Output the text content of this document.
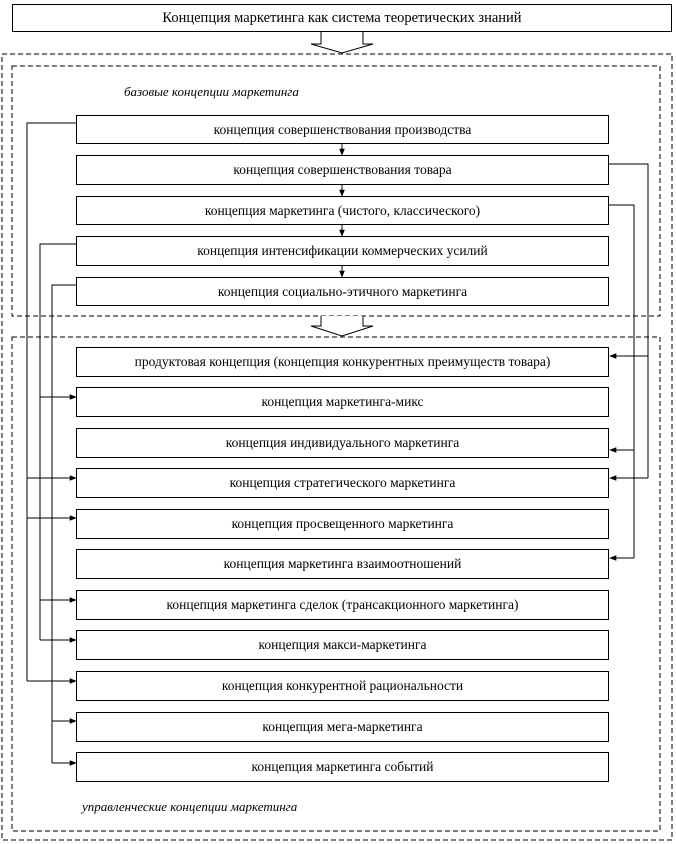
Концепция маркетинга как система теоретических знаний
базовые концепции маркетинга
концепция совершенствования производства
концепция совершенствования товара
концепция маркетинга (чистого, классического)
концепция интенсификации коммерческих усилий
концепция социально-этичного маркетинга
продуктовая концепция (концепция конкурентных преимуществ товара)
концепция маркетинга-микс
концепция индивидуального маркетинга
концепция стратегического маркетинга
концепция просвещенного маркетинга
концепция маркетинга взаимоотношений
концепция маркетинга сделок (трансакционного маркетинга)
концепция макси-маркетинга
концепция конкурентной рациональности
концепция мега-маркетинга
концепция маркетинга событий
управленческие концепции маркетинга
